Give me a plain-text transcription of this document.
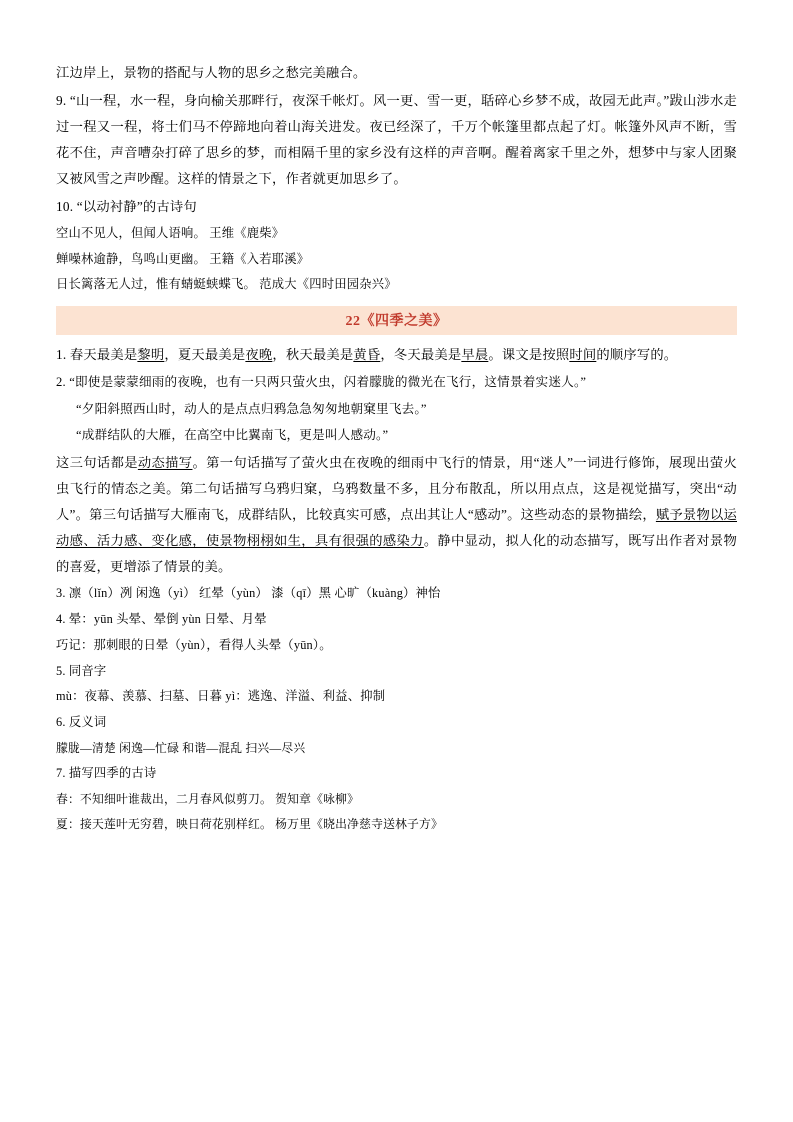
江边岸上，景物的搭配与人物的思乡之愁完美融合。

9. “山一程，水一程，身向榆关那畔行，夜深千帐灯。风一更、雪一更，聒碎心乡梦不成，故园无此声。”跋山涉水走过一程又一程，将士们马不停蹄地向着山海关进发。夜已经深了，千万个帐篷里都点起了灯。帐篷外风声不断，雪花不住，声音嘈杂打碎了思乡的梦，而相隔千里的家乡没有这样的声音啊。醒着离家千里之外，想梦中与家人团聚又被风雪之声吵醒。这样的情景之下，作者就更加思乡了。

10. “以动衬静”的古诗句

空山不见人，但闻人语响。 王维《鹿柴》

蝉噪林逾静，鸟鸣山更幽。 王籍《入若耶溪》

日长篱落无人过，惟有蜻蜓蛱蝶飞。 范成大《四时田园杂兴》

22《四季之美》

1. 春天最美是黎明，夏天最美是夜晚，秋天最美是黄昏，冬天最美是早晨。课文是按照时间的顺序写的。

2. “即使是蒙蒙细雨的夜晚，也有一只两只萤火虫，闪着朦胧的微光在飞行，这情景着实迷人。”

“夕阳斜照西山时，动人的是点点归鸦急急匆匆地朝窠里飞去。”

“成群结队的大雁，在高空中比翼南飞，更是叫人感动。”

这三句话都是动态描写。第一句话描写了萤火虫在夜晚的细雨中飞行的情景，用“迷人”一词进行修饰，展现出萤火虫飞行的情态之美。第二句话描写乌鸦归窠，乌鸦数量不多，且分布散乱，所以用点点，这是视觉描写，突出“动人”。第三句话描写大雁南飞，成群结队，比较真实可感，点出其让人“感动”。这些动态的景物描绘，赋予景物以运动感、活力感、变化感，使景物栩栩如生，具有很强的感染力。静中显动，拟人化的动态描写，既写出作者对景物的喜爱，更增添了情景的美。

3. 凛（lǐn）冽 闲逸（yì） 红晕（yùn） 漆（qī）黑 心旷（kuàng）神怡

4. 晕：yūn 头晕、晕倒 yùn 日晕、月晕

巧记：那刺眼的日晕（yùn），看得人头晕（yūn）。

5. 同音字

mù：夜幕、羡慕、扫墓、日暮 yì：逃逸、洋溢、利益、抑制

6. 反义词

朦胧—清楚 闲逸—忙碌 和谐—混乱 扫兴—尽兴

7. 描写四季的古诗

春：不知细叶谁裁出，二月春风似剪刀。 贺知章《咏柳》

夏：接天莲叶无穷碧，映日荷花别样红。 杨万里《晓出净慈寺送林子方》
